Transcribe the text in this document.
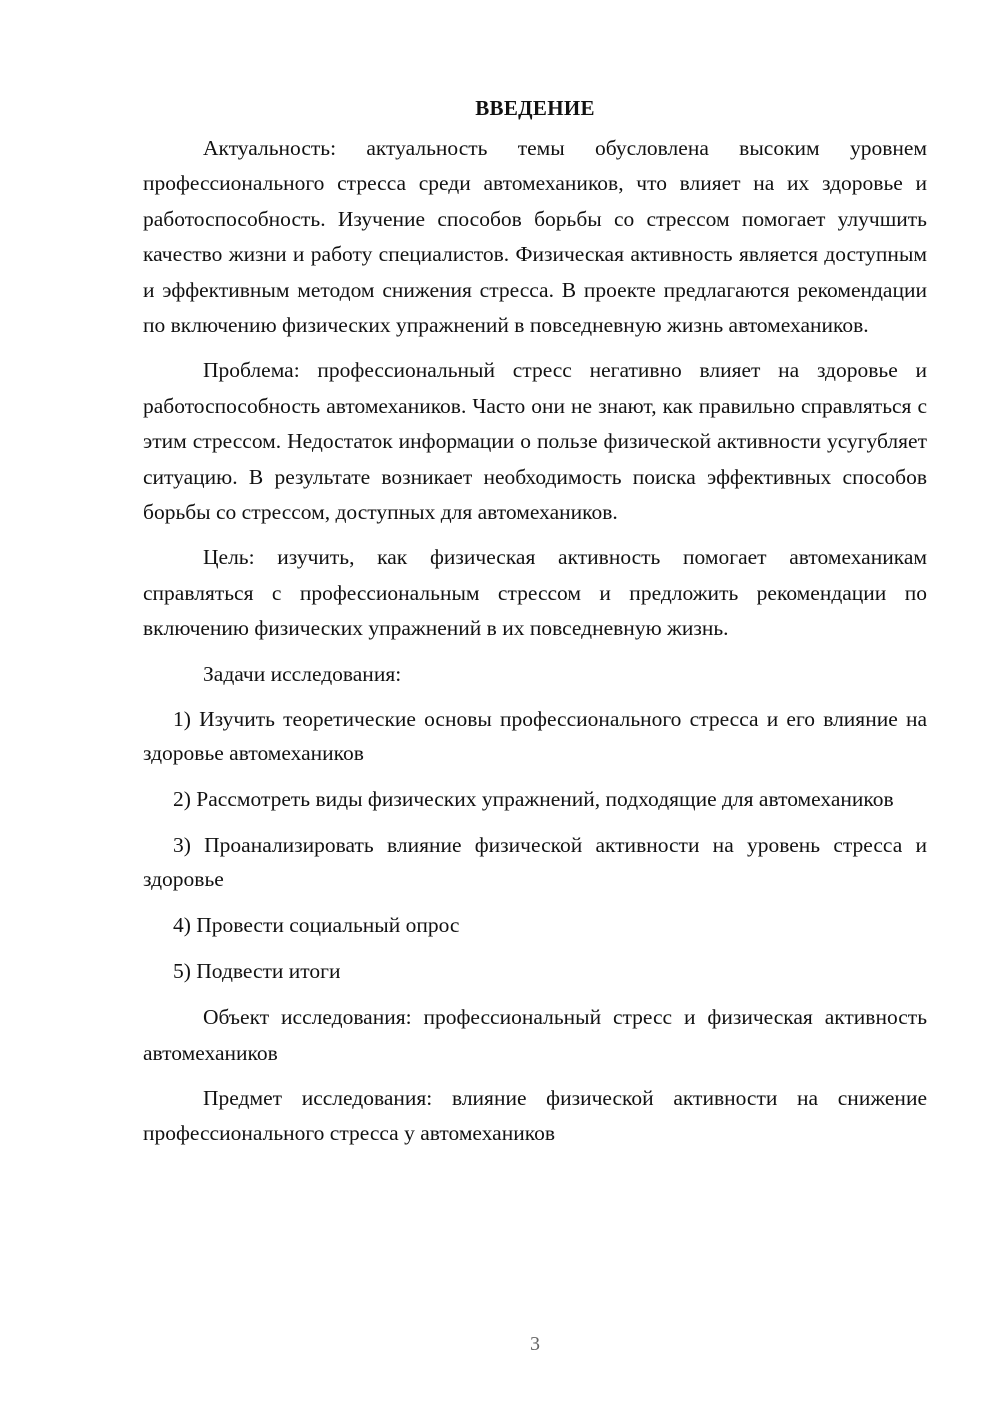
ВВЕДЕНИЕ

Актуальность: актуальность темы обусловлена высоким уровнем профессионального стресса среди автомехаников, что влияет на их здоровье и работоспособность. Изучение способов борьбы со стрессом помогает улучшить качество жизни и работу специалистов. Физическая активность является доступным и эффективным методом снижения стресса. В проекте предлагаются рекомендации по включению физических упражнений в повседневную жизнь автомехаников.

Проблема: профессиональный стресс негативно влияет на здоровье и работоспособность автомехаников. Часто они не знают, как правильно справляться с этим стрессом. Недостаток информации о пользе физической активности усугубляет ситуацию. В результате возникает необходимость поиска эффективных способов борьбы со стрессом, доступных для автомехаников.

Цель: изучить, как физическая активность помогает автомеханикам справляться с профессиональным стрессом и предложить рекомендации по включению физических упражнений в их повседневную жизнь.

Задачи исследования:

1) Изучить теоретические основы профессионального стресса и его влияние на здоровье автомехаников

2) Рассмотреть виды физических упражнений, подходящие для автомехаников

3) Проанализировать влияние физической активности на уровень стресса и здоровье

4) Провести социальный опрос

5) Подвести итоги

Объект исследования: профессиональный стресс и физическая активность автомехаников

Предмет исследования: влияние физической активности на снижение профессионального стресса у автомехаников

3
